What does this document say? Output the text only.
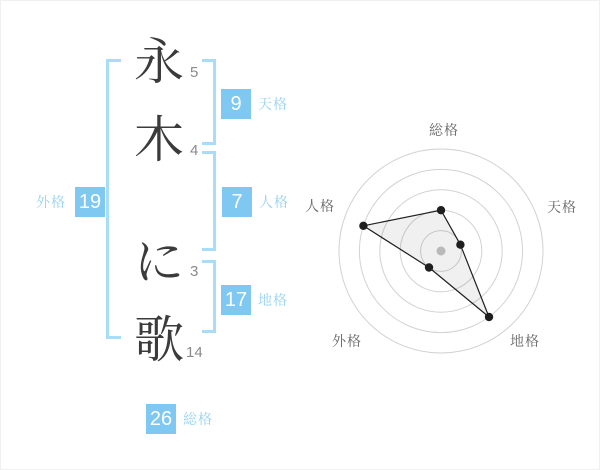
永
木
に
歌
5
4
3
14
9	天格
7	人格
17 地格
外格 19
26 総格
総格
天格
地格
外格
人格
